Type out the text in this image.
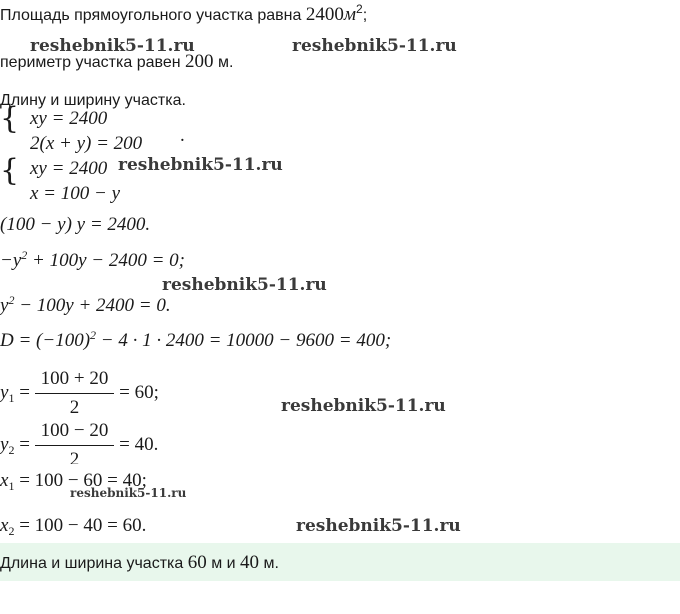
Площадь прямоугольного участка равна $2400м^2$;
периметр участка равен 200 м.
Длину и ширину участка.
{
{
xy = 2400
2(x + y) = 200 .
xy = 2400
x = 100 − y
(100 − y) y = 2400.
$-y^2 + 100y - 2400 = 0$;
$y^2 - 100y + 2400 = 0$.
$D = (-100)^2 - 4 \cdot 1 \cdot 2400 = 10000 - 9600 = 400$;
$y_1 = \frac{100 + 20}{2} = 60$;
$y_2 = \frac{100 - 20}{2} = 40$.
$x_1 = 100 - 60 = 40$;
$x_2 = 100 - 40 = 60$.
Длина и ширина участка 60 м и 40 м.
reshebnik5-11.ru	reshebnik5-11.ru
reshebnik5-11.ru
reshebnik5-11.ru
reshebnik5-11.ru
reshebnik5-11.ru
reshebnik5-11.ru
